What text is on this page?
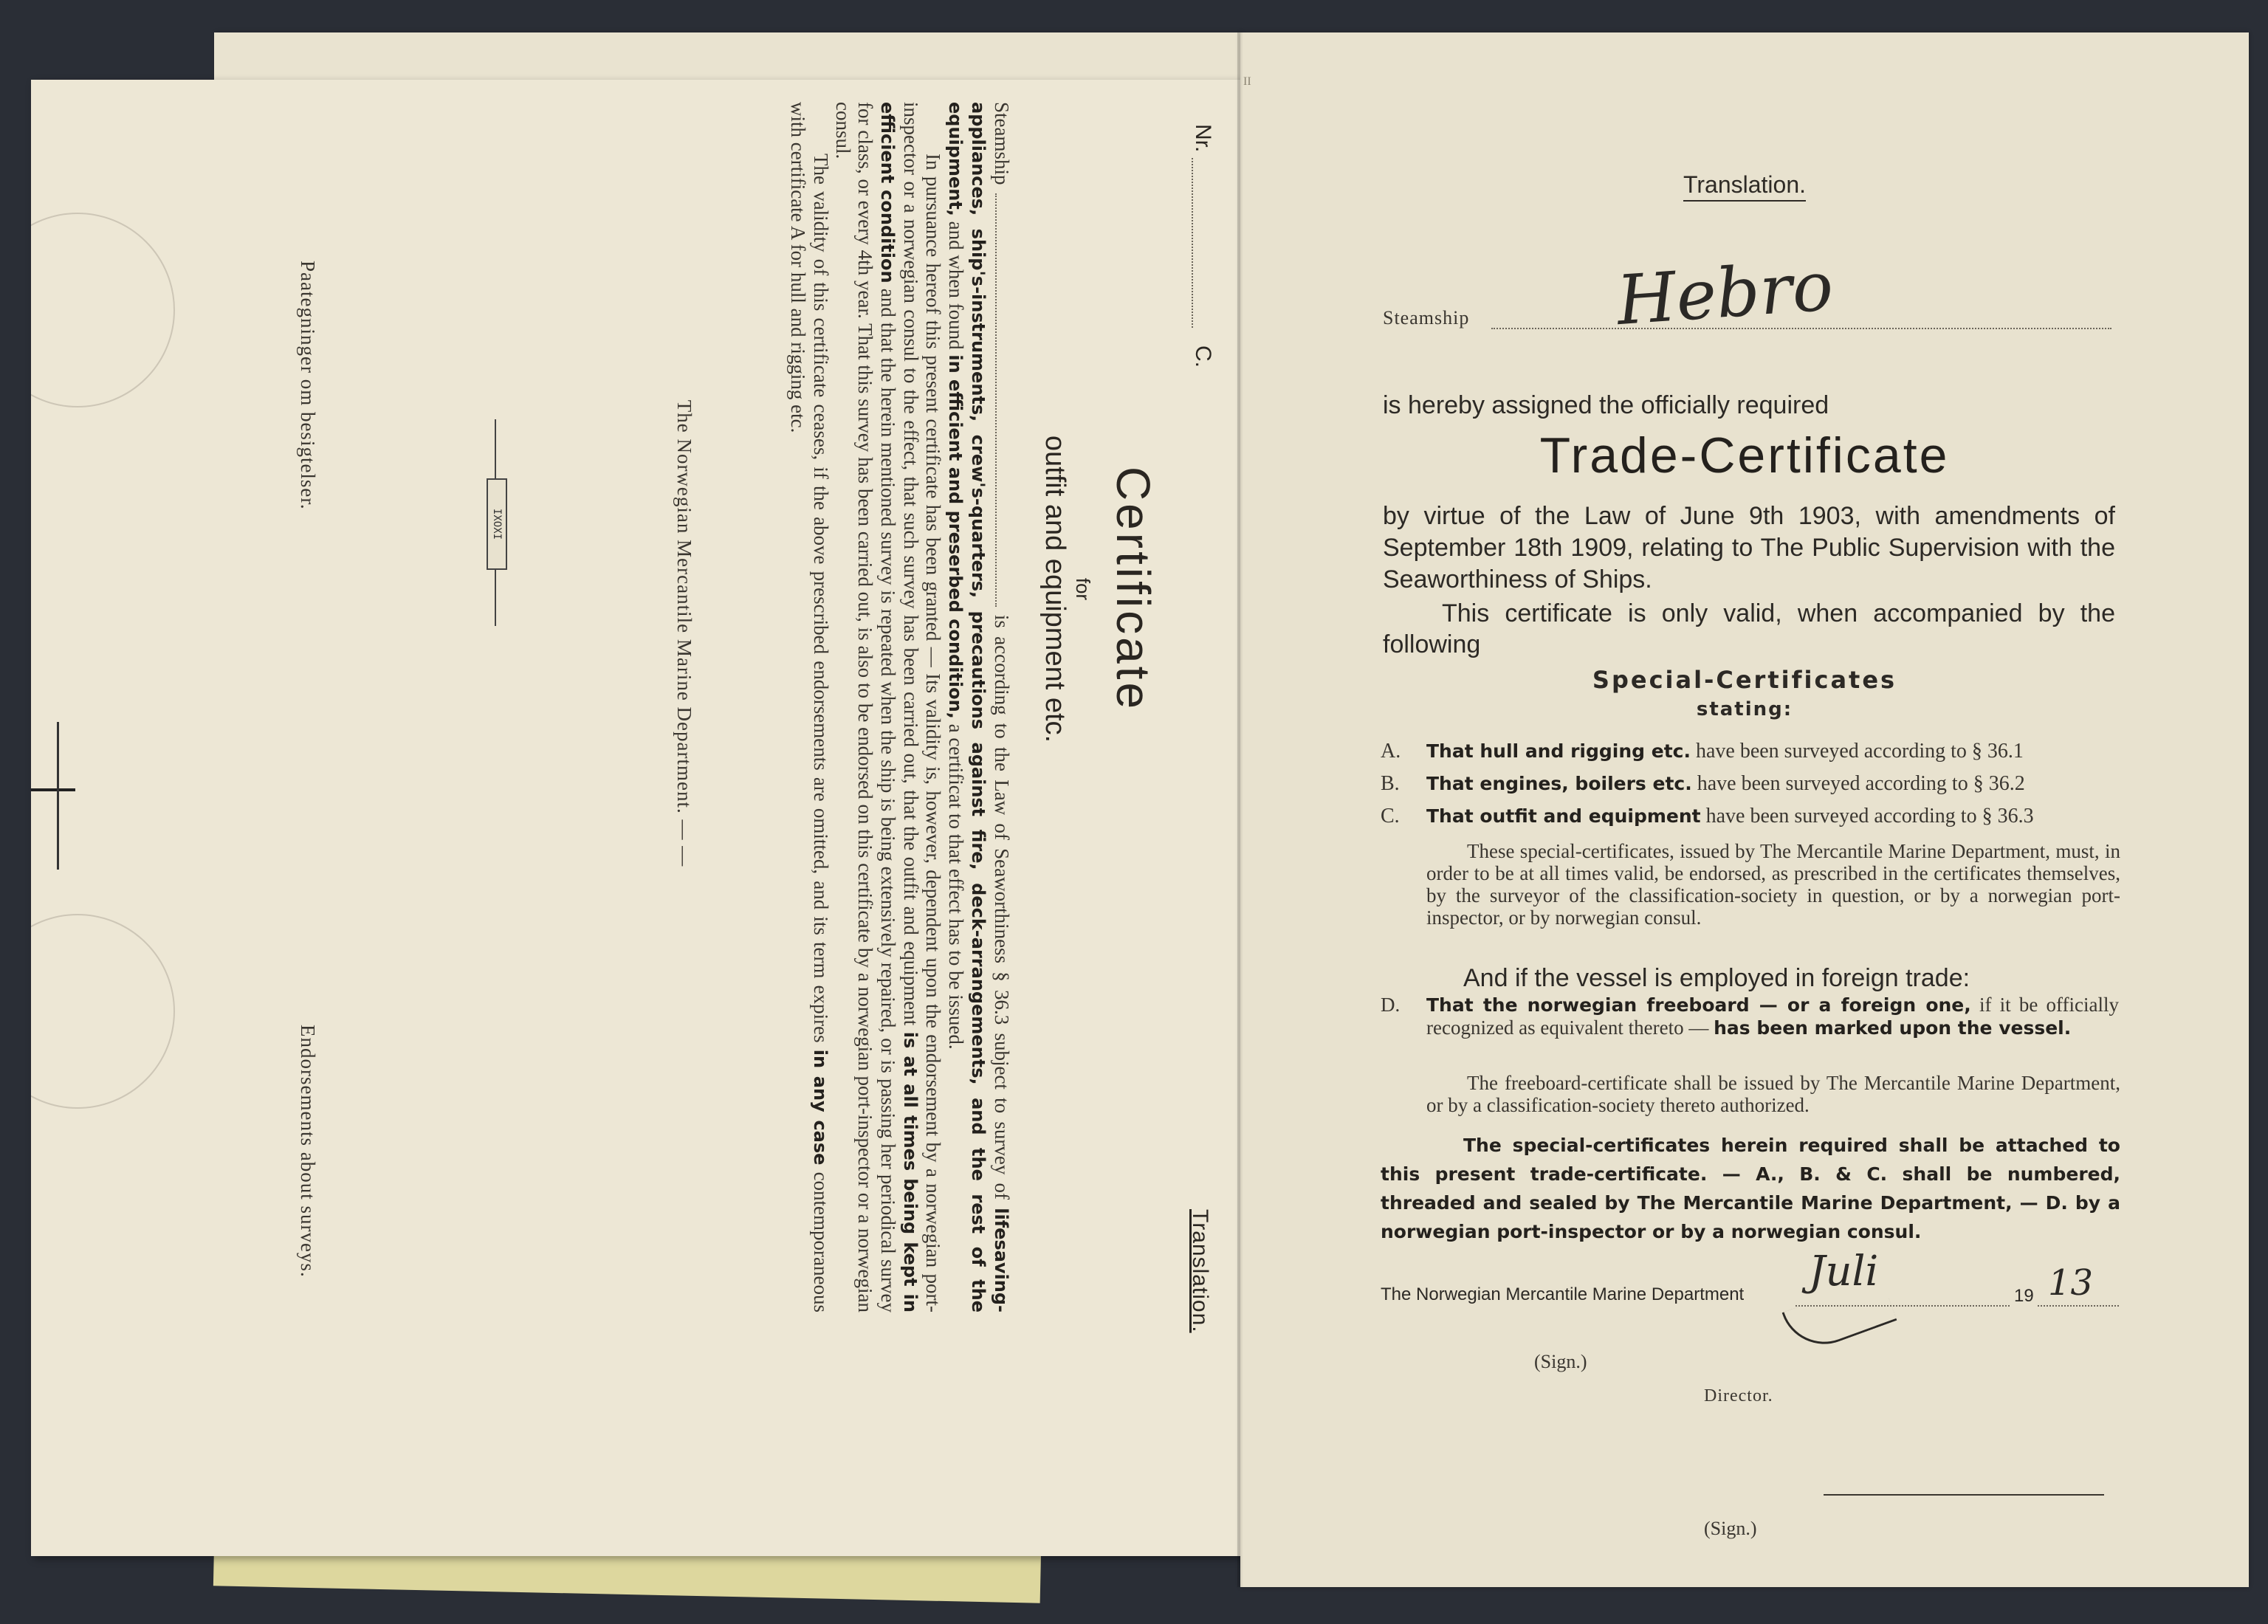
Translation.
Nr.
C.
Certificate
for
outfit and equipment etc.

Steamship  is according to the Law of Seaworthiness § 36.3 subject to survey of lifesaving-appliances, ship's-instruments, crew's-quarters, precautions against fire, deck-arrangements, and the rest of the equipment, and when found in efficient and preserbed condition, a certificat to that effect has to be issued.

In pursuance hereof this present certificate has been granted — Its validity is, however, dependent upon the endorsement by a norwegian port-inspector or a norwegian consul to the effect, that such survey has been carried out, that the outfit and equipment is at all times being kept in efficient condition and that the herein mentioned survey is repeated when the ship is being extensively repaired, or is passing her periodical survey for class, or every 4th year. That this survey has been carried out, is also to be endorsed on this certificate by a norwegian port-inspector or a norwegian consul.

The validity of this certificate ceases, if the above prescribed endorsements are omitted, and its term expires in any case contemporaneous with certificate A for hull and rigging etc.

The Norwegian Mercantile Marine Department. — —
IXOXI
Endorsements about surveys.
Paategninger om besigtelser.
II
Translation.
Steamship Hebro
is hereby assigned the officially required
Trade-Certificate
by virtue of the Law of June 9th 1903, with amendments of September 18th 1909, relating to The Public Supervision with the Seaworthiness of Ships.
This certificate is only valid, when accompanied by the following
Special-Certificates
stating:
A. That hull and rigging etc. have been surveyed according to § 36.1
B. That engines, boilers etc. have been surveyed according to § 36.2
C. That outfit and equipment have been surveyed according to § 36.3

These special-certificates, issued by The Mercantile Marine Department, must, in order to be at all times valid, be endorsed, as prescribed in the certificates themselves, by the surveyor of the classification-society in question, or by a norwegian port-inspector, or by norwegian consul.

And if the vessel is employed in foreign trade:
D. That the norwegian freeboard — or a foreign one, if it be officially recognized as equivalent thereto — has been marked upon the vessel.
The freeboard-certificate shall be issued by The Mercantile Marine Department, or by a classification-society thereto authorized.
The special-certificates herein required shall be attached to this present trade-certificate. — A., B. & C. shall be numbered, threaded and sealed by The Mercantile Marine Department, — D. by a norwegian port-inspector or by a norwegian consul.
The Norwegian Mercantile Marine Department Juli
19 13
(Sign.)
Director.
(Sign.)
